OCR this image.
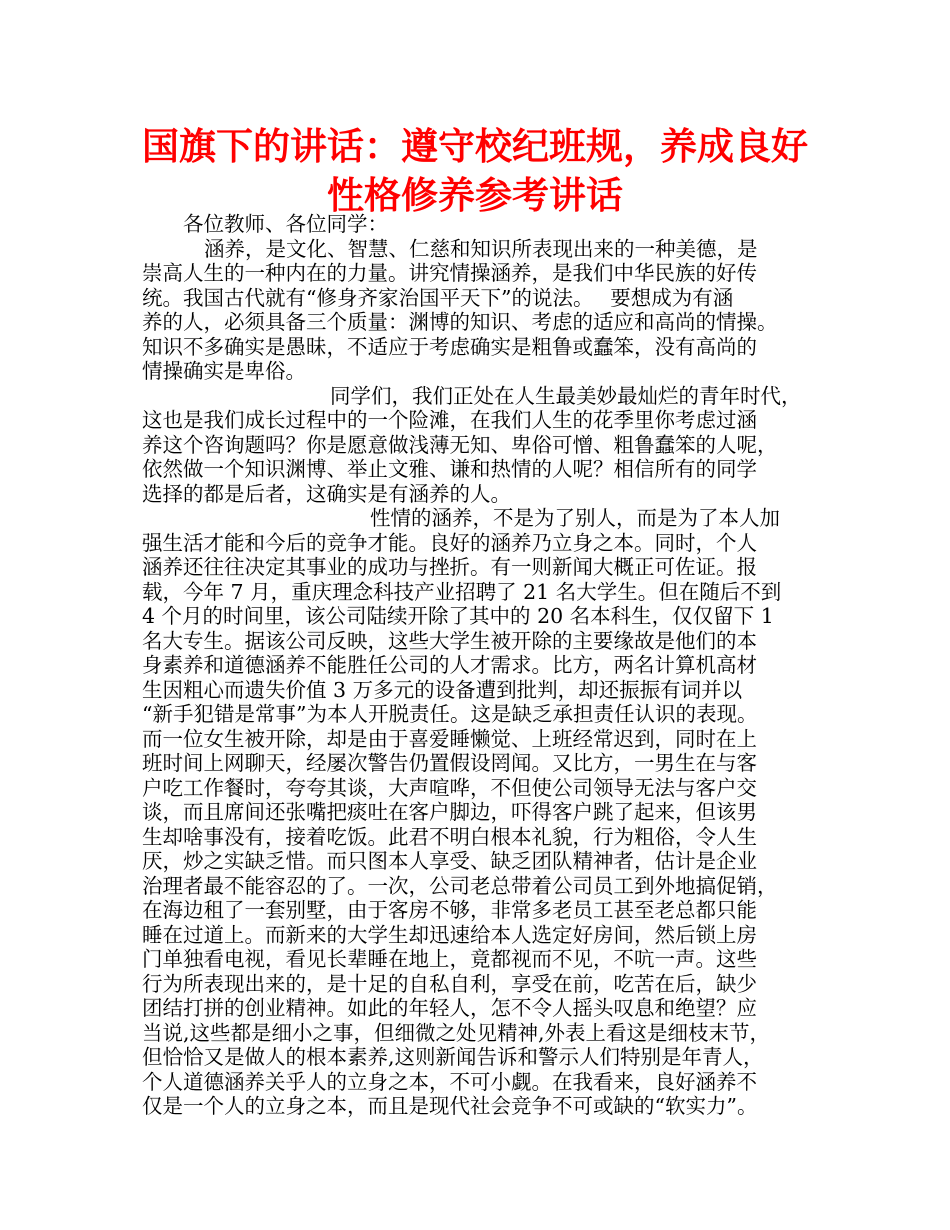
国旗下的讲话：遵守校纪班规，养成良好
性格修养参考讲话
各位教师、各位同学：
涵养，是文化、智慧、仁慈和知识所表现出来的一种美德，是
崇高人生的一种内在的力量。讲究情操涵养，是我们中华民族的好传
统。我国古代就有“修身齐家治国平天下”的说法。　 要想成为有涵
养的人，必须具备三个质量：渊博的知识、考虑的适应和高尚的情操。
知识不多确实是愚昧，不适应于考虑确实是粗鲁或蠢笨，没有高尚的
情操确实是卑俗。
同学们，我们正处在人生最美妙最灿烂的青年时代，
这也是我们成长过程中的一个险滩，在我们人生的花季里你考虑过涵
养这个咨询题吗？你是愿意做浅薄无知、卑俗可憎、粗鲁蠢笨的人呢，
依然做一个知识渊博、举止文雅、谦和热情的人呢？相信所有的同学
选择的都是后者，这确实是有涵养的人。
性情的涵养，不是为了别人，而是为了本人加
强生活才能和今后的竞争才能。良好的涵养乃立身之本。同时，个人
涵养还往往决定其事业的成功与挫折。有一则新闻大概正可佐证。报
载，今年 7 月，重庆理念科技产业招聘了 21 名大学生。但在随后不到
4 个月的时间里，该公司陆续开除了其中的 20 名本科生，仅仅留下 1
名大专生。据该公司反映，这些大学生被开除的主要缘故是他们的本
身素养和道德涵养不能胜任公司的人才需求。比方，两名计算机高材
生因粗心而遗失价值 3 万多元的设备遭到批判，却还振振有词并以
“新手犯错是常事”为本人开脱责任。这是缺乏承担责任认识的表现。
而一位女生被开除，却是由于喜爱睡懒觉、上班经常迟到，同时在上
班时间上网聊天，经屡次警告仍置假设罔闻。又比方，一男生在与客
户吃工作餐时，夸夸其谈，大声喧哗，不但使公司领导无法与客户交
谈，而且席间还张嘴把痰吐在客户脚边，吓得客户跳了起来，但该男
生却啥事没有，接着吃饭。此君不明白根本礼貌，行为粗俗，令人生
厌，炒之实缺乏惜。而只图本人享受、缺乏团队精神者，估计是企业
治理者最不能容忍的了。一次，公司老总带着公司员工到外地搞促销，
在海边租了一套别墅，由于客房不够，非常多老员工甚至老总都只能
睡在过道上。而新来的大学生却迅速给本人选定好房间，然后锁上房
门单独看电视，看见长辈睡在地上，竟都视而不见，不吭一声。这些
行为所表现出来的，是十足的自私自利，享受在前，吃苦在后，缺少
团结打拼的创业精神。如此的年轻人，怎不令人摇头叹息和绝望？应
当说,这些都是细小之事，但细微之处见精神,外表上看这是细枝末节，
但恰恰又是做人的根本素养,这则新闻告诉和警示人们特别是年青人，
个人道德涵养关乎人的立身之本，不可小觑。在我看来，良好涵养不
仅是一个人的立身之本，而且是现代社会竞争不可或缺的“软实力”。
